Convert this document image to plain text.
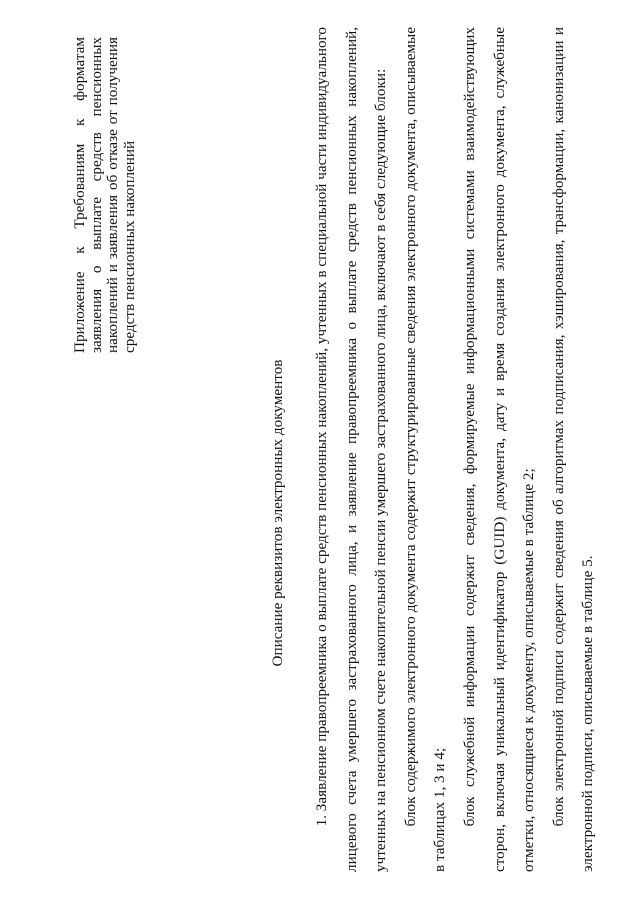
Приложение к Требованиям к форматам заявления о выплате средств пенсионных накоплений и заявления об отказе от получения средств пенсионных накоплений
Описание реквизитов электронных документов	1. Заявление правопреемника о выплате средств пенсионных накоплений, учтенных в специальной части индивидуального лицевого счета умершего застрахованного лица, и заявление правопреемника о выплате средств пенсионных накоплений, учтенных на пенсионном счете накопительной пенсии умершего застрахованного лица, включают в себя следующие блоки: блок содержимого электронного документа содержит структурированные сведения электронного документа, описываемые в таблицах 1, 3 и 4; блок служебной информации содержит сведения, формируемые информационными системами взаимодействующих сторон, включая уникальный идентификатор (GUID) документа, дату и время создания электронного документа, служебные отметки, относящиеся к документу, описываемые в таблице 2; блок электронной подписи содержит сведения об алгоритмах подписания, хэширования, трансформации, канонизации и электронной подписи, описываемые в таблице 5.
